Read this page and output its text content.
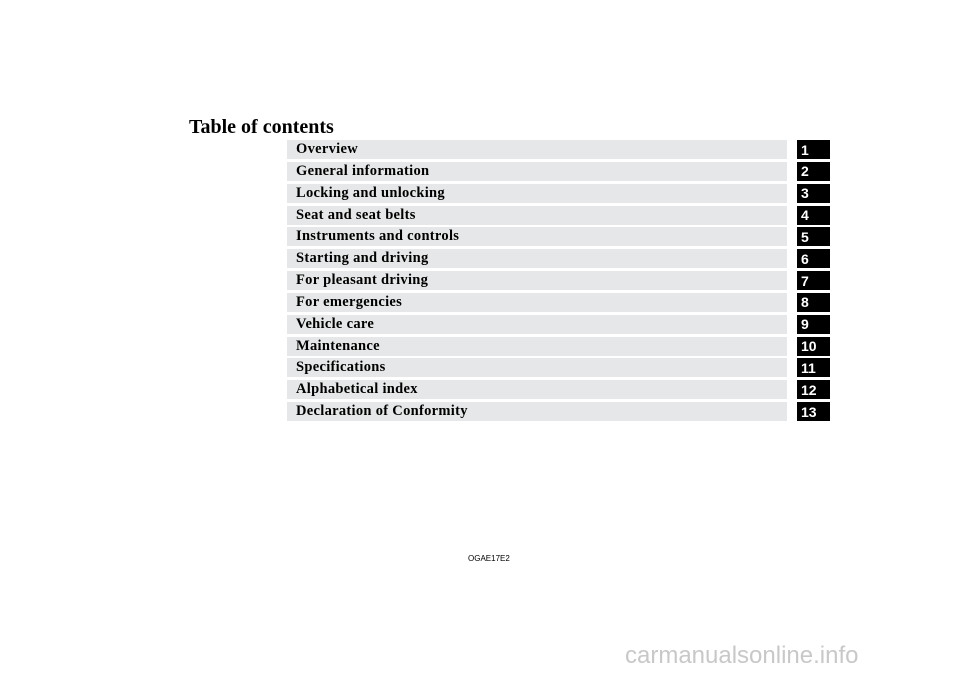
Table of contents
Overview	1
General information	2
Locking and unlocking	3
Seat and seat belts	4
Instruments and controls	5
Starting and driving	6
For pleasant driving	7
For emergencies	8
Vehicle care	9
Maintenance	10
Specifications	11
Alphabetical index	12
Declaration of Conformity	13
OGAE17E2
carmanualsonline.info
